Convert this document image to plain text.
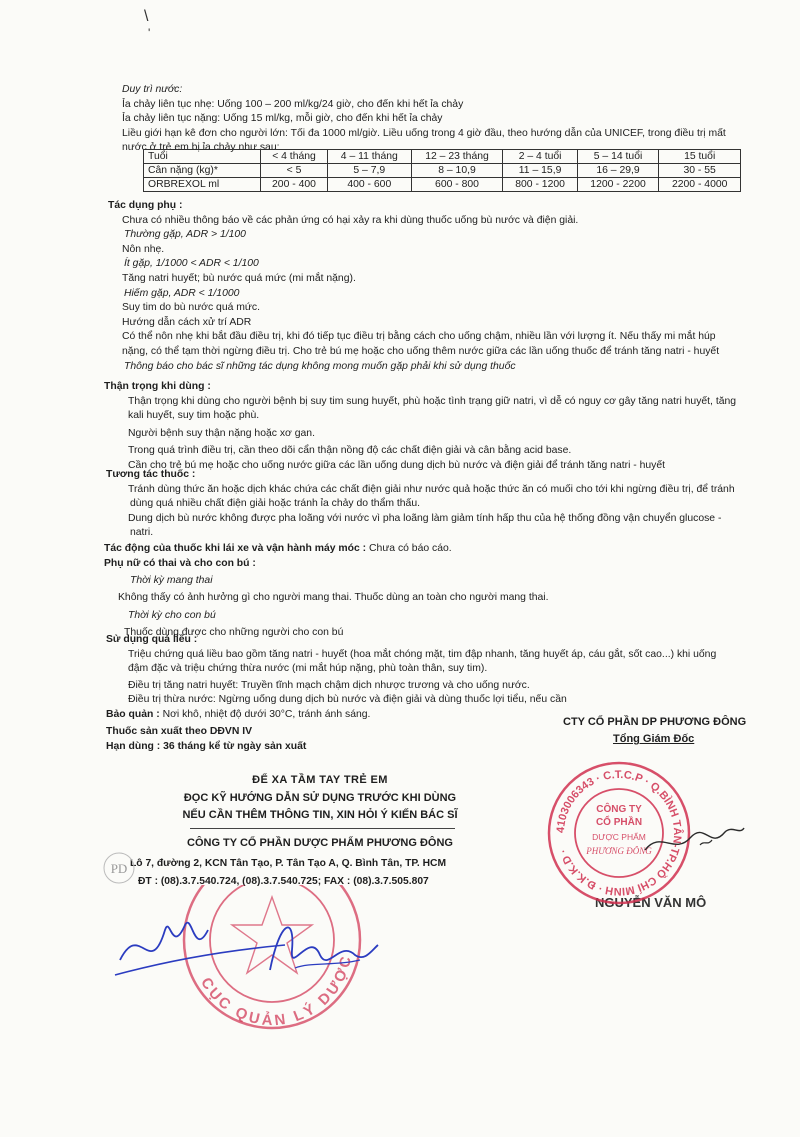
\
'
Duy trì nước:
Ỉa chảy liên tục nhẹ: Uống 100 – 200 ml/kg/24 giờ, cho đến khi hết ỉa chảy
Ỉa chảy liên tục nặng: Uống 15 ml/kg, mỗi giờ, cho đến khi hết ỉa chảy
Liều giới hạn kê đơn cho người lớn: Tối đa 1000 ml/giờ. Liều uống trong 4 giờ đầu, theo hướng dẫn của UNICEF, trong điều trị mất
nước ở trẻ em bị ỉa chảy như sau:
Tuổi	< 4 tháng	4 – 11 tháng	12 – 23 tháng	2 – 4 tuổi	5 – 14 tuổi	15 tuổi
Cân nặng (kg)*	< 5	5 – 7,9	8 – 10,9	11 – 15,9	16 – 29,9	30 - 55
ORBREXOL ml	200 - 400	400 - 600	600 - 800	800 - 1200	1200 - 2200	2200 - 4000
Tác dụng phụ :
Chưa có nhiều thông báo về các phản ứng có hại xảy ra khi dùng thuốc uống bù nước và điện giải.
Thường gặp, ADR > 1/100
Nôn nhẹ.
Ít gặp, 1/1000 < ADR < 1/100
Tăng natri huyết; bù nước quá mức (mi mắt nặng).
Hiếm gặp, ADR < 1/1000
Suy tim do bù nước quá mức.
Hướng dẫn cách xử trí ADR
Có thể nôn nhẹ khi bắt đầu điều trị, khi đó tiếp tục điều trị bằng cách cho uống chậm, nhiều lần với lượng ít. Nếu thấy mi mắt húp
nặng, có thể tạm thời ngừng điều trị. Cho trẻ bú mẹ hoặc cho uống thêm nước giữa các lần uống thuốc để tránh tăng natri - huyết
Thông báo cho bác sĩ những tác dụng không mong muốn gặp phải khi sử dụng thuốc
Thận trọng khi dùng :
Thận trọng khi dùng cho người bệnh bị suy tim sung huyết, phù hoặc tình trạng giữ natri, vì dễ có nguy cơ gây tăng natri huyết, tăng
kali huyết, suy tim hoặc phù.
Người bệnh suy thận nặng hoặc xơ gan.
Trong quá trình điều trị, cần theo dõi cẩn thận nồng độ các chất điện giải và cân bằng acid base.
Cần cho trẻ bú mẹ hoặc cho uống nước giữa các lần uống dung dịch bù nước và điện giải để tránh tăng natri - huyết
Tương tác thuốc :
Tránh dùng thức ăn hoặc dịch khác chứa các chất điện giải như nước quả hoặc thức ăn có muối cho tới khi ngừng điều trị, để tránh
dùng quá nhiều chất điện giải hoặc tránh ỉa chảy do thẩm thấu.
Dung dịch bù nước không được pha loãng với nước vì pha loãng làm giảm tính hấp thu của hệ thống đồng vận chuyển glucose -
natri.
Tác động của thuốc khi lái xe và vận hành máy móc : Chưa có báo cáo.
Phụ nữ có thai và cho con bú :
Thời kỳ mang thai
Không thấy có ảnh hưởng gì cho người mang thai. Thuốc dùng an toàn cho người mang thai.
Thời kỳ cho con bú
Thuốc dùng được cho những người cho con bú
Sử dụng quá liều :
Triệu chứng quá liều bao gồm tăng natri - huyết (hoa mắt chóng mặt, tim đập nhanh, tăng huyết áp, cáu gắt, sốt cao...) khi uống
đậm đặc và triệu chứng thừa nước (mi mắt húp nặng, phù toàn thân, suy tim).
Điều trị tăng natri huyết: Truyền tĩnh mạch chậm dịch nhược trương và cho uống nước.
Điều trị thừa nước: Ngừng uống dung dịch bù nước và điện giải và dùng thuốc lợi tiểu, nếu cần
Bảo quản : Nơi khô, nhiệt độ dưới 30°C, tránh ánh sáng.
Thuốc sản xuất theo DĐVN IV
Hạn dùng : 36 tháng kể từ ngày sản xuất
CTY CỔ PHẦN DP PHƯƠNG ĐÔNG
Tổng Giám Đốc
ĐỂ XA TẦM TAY TRẺ EM
ĐỌC KỸ HƯỚNG DẪN SỬ DỤNG TRƯỚC KHI DÙNG
NẾU CẦN THÊM THÔNG TIN, XIN HỎI Ý KIẾN BÁC SĨ
CÔNG TY CỔ PHẦN DƯỢC PHẨM PHƯƠNG ĐÔNG
Lô 7, đường 2, KCN Tân Tạo, P. Tân Tạo A, Q. Bình Tân, TP. HCM
ĐT : (08).3.7.540.724, (08).3.7.540.725; FAX : (08).3.7.505.807
PD
NGUYỄN VĂN MÔ
4103006343 · C.T.C.P · Q.BÌNH TÂN-TP.HỒ CHÍ MINH · Đ.K.K.D ·
CÔNG TY
CỔ PHẦN
DƯỢC PHẨM
PHƯƠNG ĐÔNG
CỤC QUẢN LÝ DƯỢC
